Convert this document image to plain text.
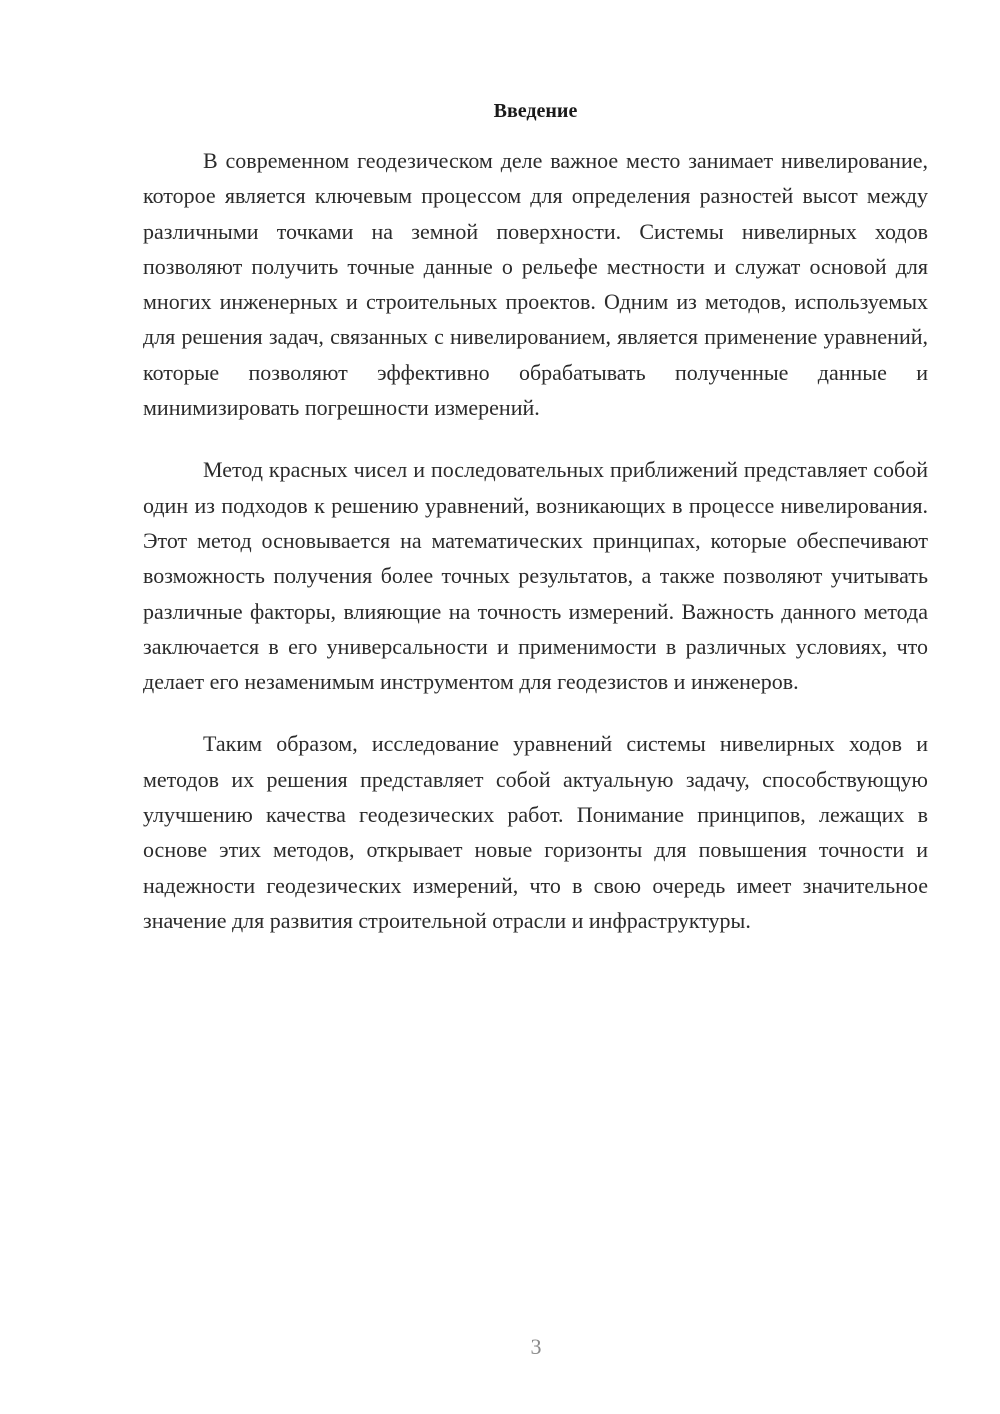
Введение

В современном геодезическом деле важное место занимает нивелирование, которое является ключевым процессом для определения разностей высот между различными точками на земной поверхности. Системы нивелирных ходов позволяют получить точные данные о рельефе местности и служат основой для многих инженерных и строительных проектов. Одним из методов, используемых для решения задач, связанных с нивелированием, является применение уравнений, которые позволяют эффективно обрабатывать полученные данные и минимизировать погрешности измерений.

Метод красных чисел и последовательных приближений представляет собой один из подходов к решению уравнений, возникающих в процессе нивелирования. Этот метод основывается на математических принципах, которые обеспечивают возможность получения более точных результатов, а также позволяют учитывать различные факторы, влияющие на точность измерений. Важность данного метода заключается в его универсальности и применимости в различных условиях, что делает его незаменимым инструментом для геодезистов и инженеров.

Таким образом, исследование уравнений системы нивелирных ходов и методов их решения представляет собой актуальную задачу, способствующую улучшению качества геодезических работ. Понимание принципов, лежащих в основе этих методов, открывает новые горизонты для повышения точности и надежности геодезических измерений, что в свою очередь имеет значительное значение для развития строительной отрасли и инфраструктуры.

3
